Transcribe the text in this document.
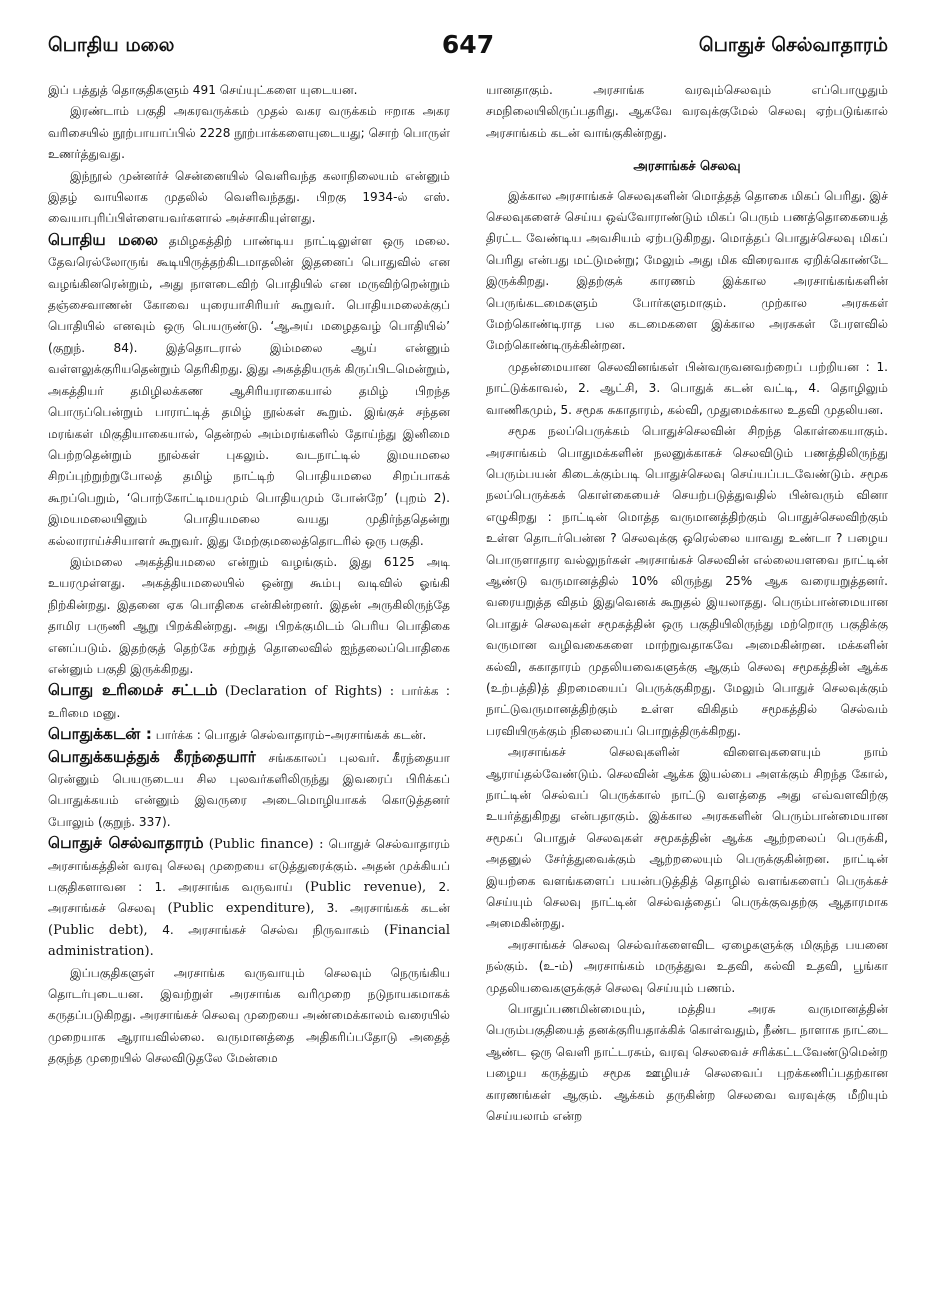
பொதிய மலை	647	பொதுச் செல்வாதாரம்

இப் பத்துத் தொகுதிகளும் 491 செய்யுட்களை யுடையன.

இரண்டாம் பகுதி அகரவருக்கம் முதல் வகர வருக்கம் ஈறாக அகர வரிசையில் நூற்பாயாப்பில் 2228 நூற்பாக்களையுடையது; சொற் பொருள் உணர்த்துவது.

இந்நூல் முன்னர்ச் சென்னையில் வெளிவந்த கலாநிலையம் என்னும் இதழ் வாயிலாக முதலில் வெளிவந்தது. பிறகு 1934-ல் எஸ். வையாபுரிப்பிள்ளையவர்களால் அச்சாகியுள்ளது.

பொதிய மலை தமிழகத்திற் பாண்டிய நாட்டிலுள்ள ஒரு மலை. தேவரெல்லோருங் கூடியிருத்தற்கிடமாதலின் இதனைப் பொதுவில் என வழங்கினரென்றும், அது நாளடைவிற் பொதியில் என மருவிற்றென்றும் தஞ்சைவாணன் கோவை யுரையாசிரியர் கூறுவர். பொதியமலைக்குப் பொதியில் எனவும் ஒரு பெயருண்டு. ‘ஆஅய் மழைதவழ் பொதியில்’ (குறுந். 84). இத்தொடரால் இம்மலை ஆய் என்னும் வள்ளலுக்குரியதென்றும் தெரிகிறது. இது அகத்தியருக் கிருப்பிடமென்றும், அகத்தியர் தமிழிலக்கண ஆசிரியராகையால் தமிழ் பிறந்த பொருப்பென்றும் பாராட்டித் தமிழ் நூல்கள் கூறும். இங்குச் சந்தன மரங்கள் மிகுதியாகையால், தென்றல் அம்மரங்களில் தோய்ந்து இனிமை பெற்றதென்றும் நூல்கள் புகலும். வடநாட்டில் இமயமலை சிறப்புற்றுற்றுபோலத் தமிழ் நாட்டிற் பொதியமலை சிறப்பாகக் கூறப்பெறும், ‘பொற்கோட்டிமயமும் பொதியமும் போன்றே’ (புறம் 2). இமயமலையினும் பொதியமலை வயது முதிர்ந்ததென்று கல்லாராய்ச்சியாளர் கூறுவர். இது மேற்குமலைத்தொடரில் ஒரு பகுதி.

இம்மலை அகத்தியமலை என்றும் வழங்கும். இது 6125 அடி உயரமுள்ளது. அகத்தியமலையில் ஒன்று கூம்பு வடிவில் ஓங்கி நிற்கின்றது. இதனை ஏக பொதிகை என்கின்றனர். இதன் அருகிலிருந்தே தாமிர பருணி ஆறு பிறக்கின்றது. அது பிறக்குமிடம் பெரிய பொதிகை எனப்படும். இதற்குத் தெற்கே சற்றுத் தொலைவில் ஐந்தலைப்பொதிகை என்னும் பகுதி இருக்கிறது.

பொது உரிமைச் சட்டம் (Declaration of Rights) : பார்க்க : உரிமை மனு.

பொதுக்கடன் : பார்க்க : பொதுச் செல்வாதாரம்–அரசாங்கக் கடன்.

பொதுக்கயத்துக் கீரந்தையார் சங்ககாலப் புலவர். கீரந்தையா ரென்னும் பெயருடைய சில புலவர்களிலிருந்து இவரைப் பிரிக்கப் பொதுக்கயம் என்னும் இவருரை அடைமொழியாகக் கொடுத்தனர் போலும் (குறுந். 337).

பொதுச் செல்வாதாரம் (Public finance) : பொதுச் செல்வாதாரம் அரசாங்கத்தின் வரவு செலவு முறையை எடுத்துரைக்கும். அதன் முக்கியப் பகுதிகளாவன : 1. அரசாங்க வருவாய் (Public revenue), 2. அரசாங்கச் செலவு (Public expenditure), 3. அரசாங்கக் கடன் (Public debt), 4. அரசாங்கச் செல்வ நிருவாகம் (Financial administration).

இப்பகுதிகளுள் அரசாங்க வருவாயும் செலவும் நெருங்கிய தொடர்புடையன. இவற்றுள் அரசாங்க வரிமுறை நடுநாயகமாகக் கருதப்படுகிறது. அரசாங்கச் செலவு முறையை அண்மைக்காலம் வரையில் முறையாக ஆராயவில்லை. வருமானத்தை அதிகரிப்பதோடு அதைத் தகுந்த முறையில் செலவிடுதலே மேன்மை

யானதாகும். அரசாங்க வரவும்செலவும் எப்பொழுதும் சமநிலையிலிருப்பதரிது. ஆகவே வரவுக்குமேல் செலவு ஏற்படுங்கால் அரசாங்கம் கடன் வாங்குகின்றது.

அரசாங்கச் செலவு

இக்கால அரசாங்கச் செலவுகளின் மொத்தத் தொகை மிகப் பெரிது. இச் செலவுகளைச் செய்ய ஒவ்வோராண்டும் மிகப் பெரும் பணத்தொகையைத் திரட்ட வேண்டிய அவசியம் ஏற்படுகிறது. மொத்தப் பொதுச்செலவு மிகப் பெரிது என்பது மட்டுமன்று; மேலும் அது மிக விரைவாக ஏறிக்கொண்டே இருக்கிறது. இதற்குக் காரணம் இக்கால அரசாங்கங்களின் பெருங்கடமைகளும் போர்களுமாகும். முற்கால அரசுகள் மேற்கொண்டிராத பல கடமைகளை இக்கால அரசுகள் பேரளவில் மேற்கொண்டிருக்கின்றன.

முதன்மையான செலவினங்கள் பின்வருவனவற்றைப் பற்றியன : 1. நாட்டுக்காவல், 2. ஆட்சி, 3. பொதுக் கடன் வட்டி, 4. தொழிலும் வாணிகமும், 5. சமூக சுகாதாரம், கல்வி, முதுமைக்கால உதவி முதலியன.

சமூக நலப்பெருக்கம் பொதுச்செலவின் சிறந்த கொள்கையாகும். அரசாங்கம் பொதுமக்களின் நலனுக்காகச் செலவிடும் பணத்திலிருந்து பெரும்பயன் கிடைக்கும்படி பொதுச்செலவு செய்யப்படவேண்டும். சமூக நலப்பெருக்கக் கொள்கையைச் செயற்படுத்துவதில் பின்வரும் வினா எழுகிறது : நாட்டின் மொத்த வருமானத்திற்கும் பொதுச்செலவிற்கும் உள்ள தொடர்பென்ன ? செலவுக்கு ஒரெல்லை யாவது உண்டா ? பழைய பொருளாதார வல்லுநர்கள் அரசாங்கச் செலவின் எல்லையளவை நாட்டின் ஆண்டு வருமானத்தில் 10% லிருந்து 25% ஆக வரையறுத்தனர். வரையறுத்த விதம் இதுவெனக் கூறுதல் இயலாதது. பெரும்பான்மையான பொதுச் செலவுகள் சமூகத்தின் ஒரு பகுதியிலிருந்து மற்றொரு பகுதிக்கு வருமான வழிவகைகளை மாற்றுவதாகவே அமைகின்றன. மக்களின் கல்வி, சுகாதாரம் முதலியவைகளுக்கு ஆகும் செலவு சமூகத்தின் ஆக்க (உற்பத்தி)த் திறமையைப் பெருக்குகிறது. மேலும் பொதுச் செலவுக்கும் நாட்டுவருமானத்திற்கும் உள்ள விகிதம் சமூகத்தில் செல்வம் பரவியிருக்கும் நிலையைப் பொறுத்திருக்கிறது.

அரசாங்கச் செலவுகளின் விளைவுகளையும் நாம் ஆராய்தல்வேண்டும். செலவின் ஆக்க இயல்பை அளக்கும் சிறந்த கோல், நாட்டின் செல்வப் பெருக்கால் நாட்டு வளத்தை அது எவ்வளவிற்கு உயர்த்துகிறது என்பதாகும். இக்கால அரசுகளின் பெரும்பான்மையான சமூகப் பொதுச் செலவுகள் சமூகத்தின் ஆக்க ஆற்றலைப் பெருக்கி, அதனுல் சேர்த்துவைக்கும் ஆற்றலையும் பெருக்குகின்றன. நாட்டின் இயற்கை வளங்களைப் பயன்படுத்தித் தொழில் வளங்களைப் பெருக்கச் செய்யும் செலவு நாட்டின் செல்வத்தைப் பெருக்குவதற்கு ஆதாரமாக அமைகின்றது.

அரசாங்கச் செலவு செல்வர்களைவிட ஏழைகளுக்கு மிகுந்த பயனை நல்கும். (உ-ம்) அரசாங்கம் மருத்துவ உதவி, கல்வி உதவி, பூங்கா முதலியவைகளுக்குச் செலவு செய்யும் பணம்.

பொதுப்பணமின்மையும், மத்திய அரசு வருமானத்தின் பெரும்பகுதியைத் தனக்குரியதாக்கிக் கொள்வதும், நீண்ட நாளாக நாட்டை ஆண்ட ஒரு வெளி நாட்டரசும், வரவு செலவைச் சரிக்கட்டவேண்டுமென்ற பழைய கருத்தும் சமூக ஊழியச் செலவைப் புறக்கணிப்பதற்கான காரணங்கள் ஆகும். ஆக்கம் தருகின்ற செலவை வரவுக்கு மீறியும் செய்யலாம் என்ற
